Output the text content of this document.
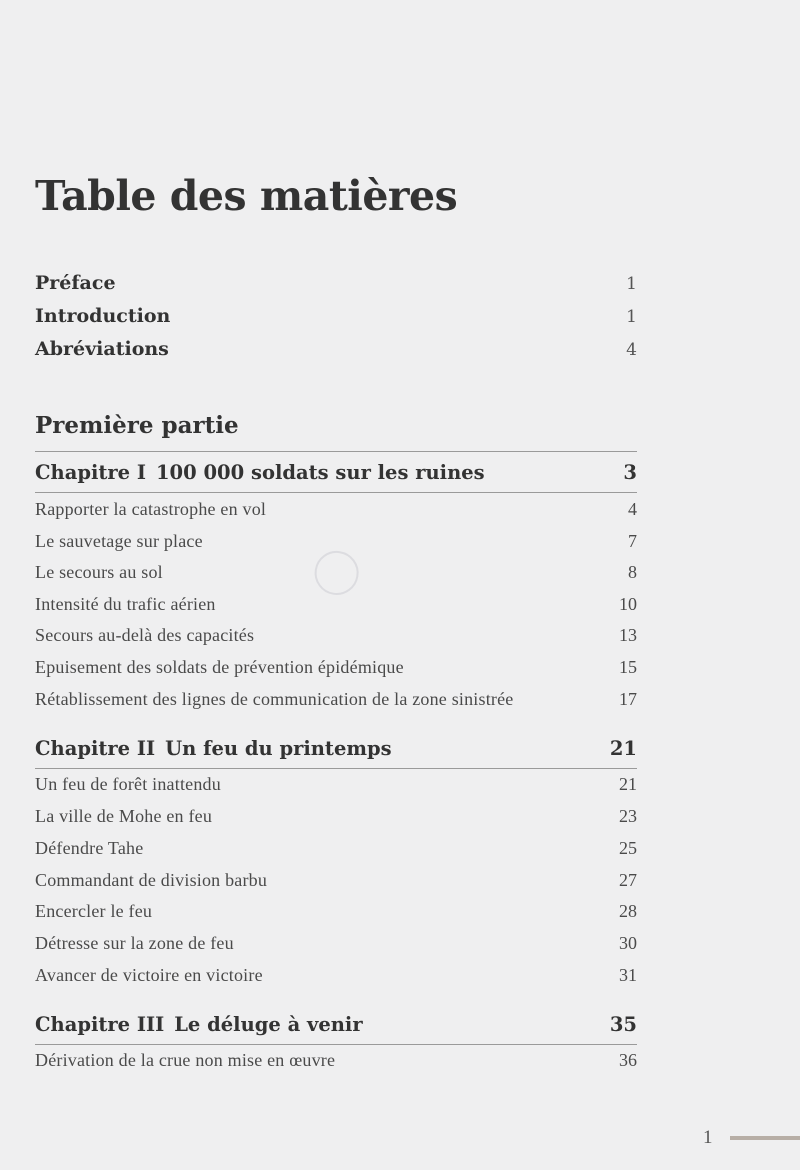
Table des matières
Préface	1
Introduction	1
Abréviations	4
Première partie
Chapitre I 100 000 soldats sur les ruines	3
Rapporter la catastrophe en vol	4
Le sauvetage sur place	7
Le secours au sol	8
Intensité du trafic aérien	10
Secours au-delà des capacités	13
Epuisement des soldats de prévention épidémique	15
Rétablissement des lignes de communication de la zone sinistrée	17
Chapitre II Un feu du printemps	21
Un feu de forêt inattendu	21
La ville de Mohe en feu	23
Défendre Tahe	25
Commandant de division barbu	27
Encercler le feu	28
Détresse sur la zone de feu	30
Avancer de victoire en victoire	31
Chapitre III Le déluge à venir	35
Dérivation de la crue non mise en œuvre	36
1
